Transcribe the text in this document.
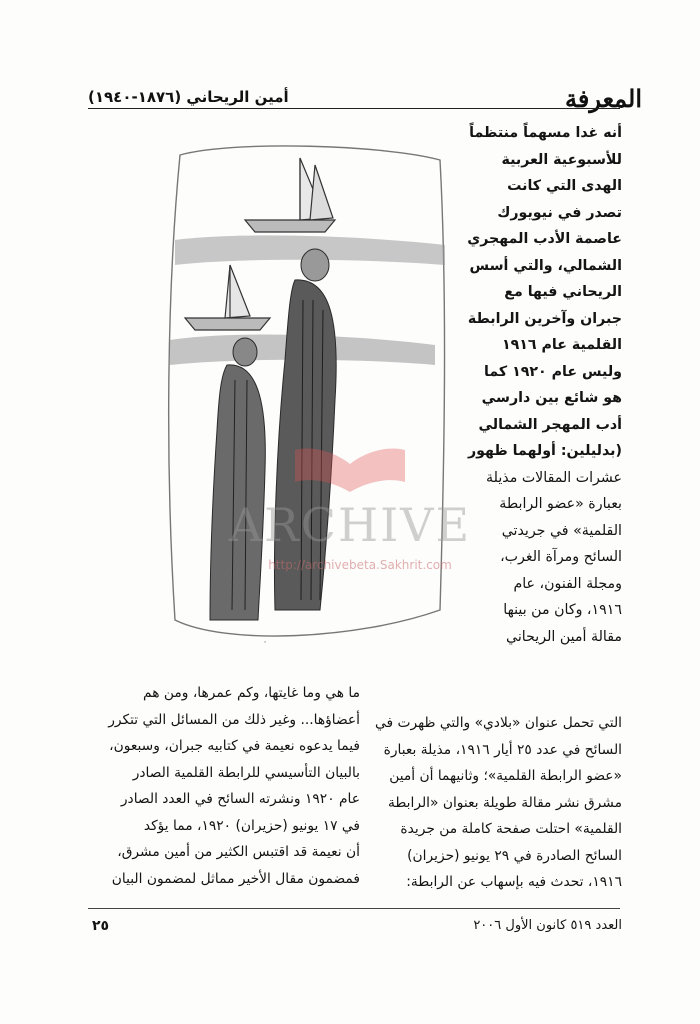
المعرفة
أمين الريحاني (١٨٧٦-١٩٤٠)
·
ARCHIVE
http://archivebeta.Sakhrit.com
أنه غدا مسهماً منتظماً
للأسبوعية العربية
الهدى التي كانت
تصدر في نيويورك
عاصمة الأدب المهجري
الشمالي، والتي أسس
الريحاني فيها مع
جبران وآخرين الرابطة
القلمية عام ١٩١٦
وليس عام ١٩٢٠ كما
هو شائع بين دارسي
أدب المهجر الشمالي
(بدليلين: أولهما ظهور
عشرات المقالات مذيلة
بعبارة «عضو الرابطة
القلمية» في جريدتي
السائح ومرآة الغرب،
ومجلة الفنون، عام
١٩١٦، وكان من بينها
مقالة أمين الريحاني
التي تحمل عنوان «بلادي» والتي ظهرت في
السائح في عدد ٢٥ أيار ١٩١٦، مذيلة بعبارة
«عضو الرابطة القلمية»؛ وثانيهما أن أمين
مشرق نشر مقالة طويلة بعنوان «الرابطة
القلمية» احتلت صفحة كاملة من جريدة
السائح الصادرة في ٢٩ يونيو (حزيران)
١٩١٦، تحدث فيه بإسهاب عن الرابطة:
ما هي وما غايتها، وكم عمرها، ومن هم
أعضاؤها... وغير ذلك من المسائل التي تتكرر
فيما يدعوه نعيمة في كتابيه جبران، وسبعون،
بالبيان التأسيسي للرابطة القلمية الصادر
عام ١٩٢٠ ونشرته السائح في العدد الصادر
في ١٧ يونيو (حزيران) ١٩٢٠، مما يؤكد
أن نعيمة قد اقتبس الكثير من أمين مشرق،
فمضمون مقال الأخير مماثل لمضمون البيان
٢٥	العدد ٥١٩ كانون الأول ٢٠٠٦
